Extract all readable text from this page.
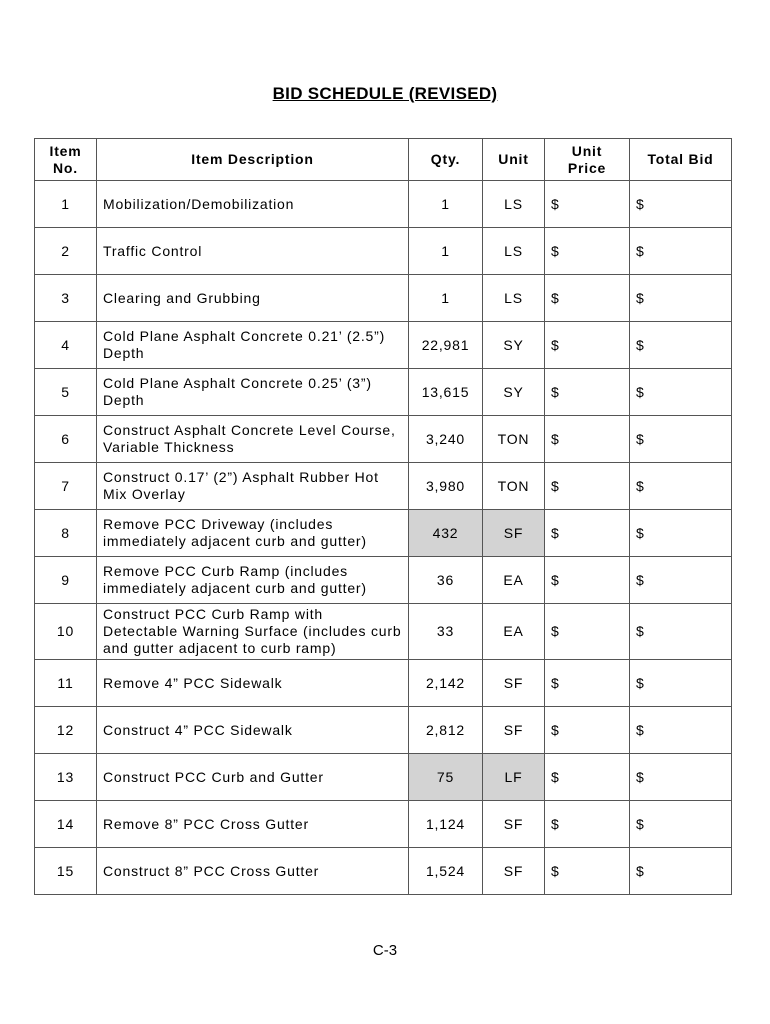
BID SCHEDULE (REVISED)
Item No.	Item Description	Qty.	Unit	Unit Price	Total Bid
1	Mobilization/Demobilization	1	LS	$	$
2	Traffic Control	1	LS	$	$
3	Clearing and Grubbing	1	LS	$	$
4	Cold Plane Asphalt Concrete 0.21’ (2.5”) Depth	22,981	SY	$	$
5	Cold Plane Asphalt Concrete 0.25’ (3”) Depth	13,615	SY	$	$
6	Construct Asphalt Concrete Level Course, Variable Thickness	3,240	TON	$	$
7	Construct 0.17’ (2”) Asphalt Rubber Hot Mix Overlay	3,980	TON	$	$
8	Remove PCC Driveway (includes immediately adjacent curb and gutter)	432	SF	$	$
9	Remove PCC Curb Ramp (includes immediately adjacent curb and gutter)	36	EA	$	$
10	Construct PCC Curb Ramp with Detectable Warning Surface (includes curb and gutter adjacent to curb ramp)	33	EA	$	$
11	Remove 4” PCC Sidewalk	2,142	SF	$	$
12	Construct 4” PCC Sidewalk	2,812	SF	$	$
13	Construct PCC Curb and Gutter	75	LF	$	$
14	Remove 8” PCC Cross Gutter	1,124	SF	$	$
15	Construct 8” PCC Cross Gutter	1,524	SF	$	$
C-3
